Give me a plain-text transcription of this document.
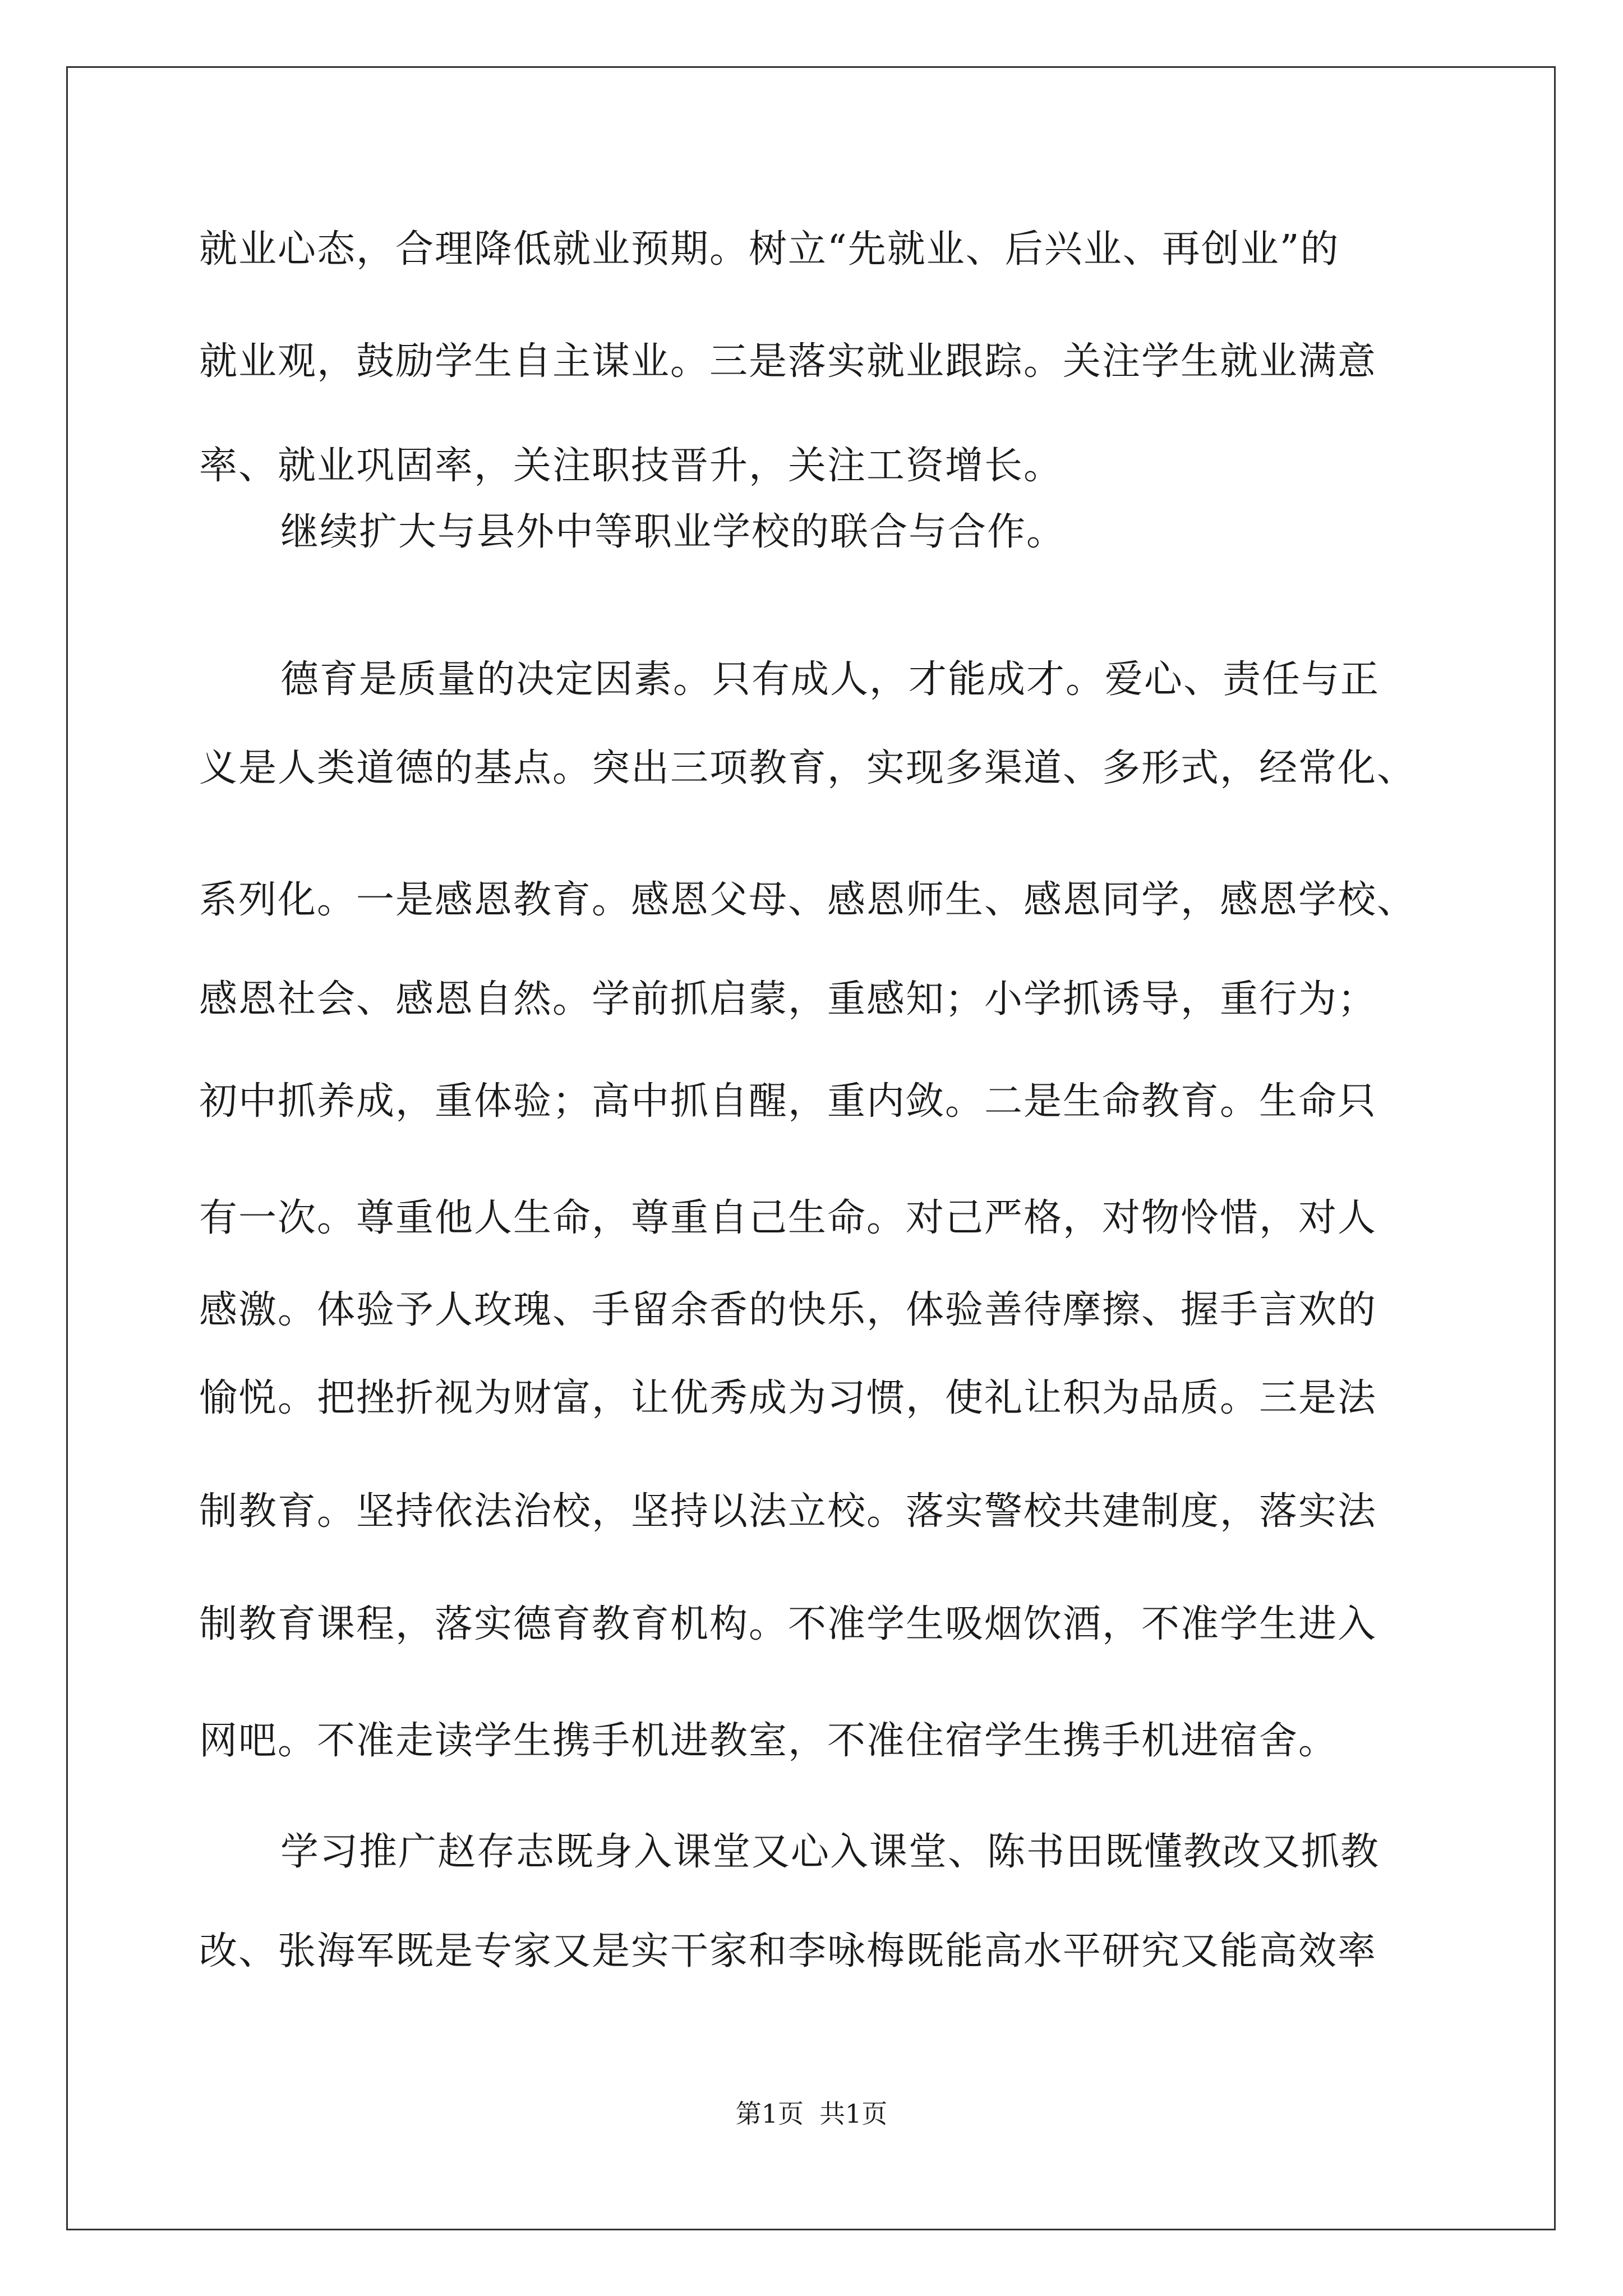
就业心态，合理降低就业预期。树立“先就业、后兴业、再创业”的
就业观，鼓励学生自主谋业。三是落实就业跟踪。关注学生就业满意
率、就业巩固率，关注职技晋升，关注工资增长。
继续扩大与县外中等职业学校的联合与合作。
德育是质量的决定因素。只有成人，才能成才。爱心、责任与正
义是人类道德的基点。突出三项教育，实现多渠道、多形式，经常化、
系列化。一是感恩教育。感恩父母、感恩师生、感恩同学，感恩学校、
感恩社会、感恩自然。学前抓启蒙，重感知；小学抓诱导，重行为；
初中抓养成，重体验；高中抓自醒，重内敛。二是生命教育。生命只
有一次。尊重他人生命，尊重自己生命。对己严格，对物怜惜，对人
感激。体验予人玫瑰、手留余香的快乐，体验善待摩擦、握手言欢的
愉悦。把挫折视为财富，让优秀成为习惯，使礼让积为品质。三是法
制教育。坚持依法治校，坚持以法立校。落实警校共建制度，落实法
制教育课程，落实德育教育机构。不准学生吸烟饮酒，不准学生进入
网吧。不准走读学生携手机进教室，不准住宿学生携手机进宿舍。
学习推广赵存志既身入课堂又心入课堂、陈书田既懂教改又抓教
改、张海军既是专家又是实干家和李咏梅既能高水平研究又能高效率
第1页 共1页
